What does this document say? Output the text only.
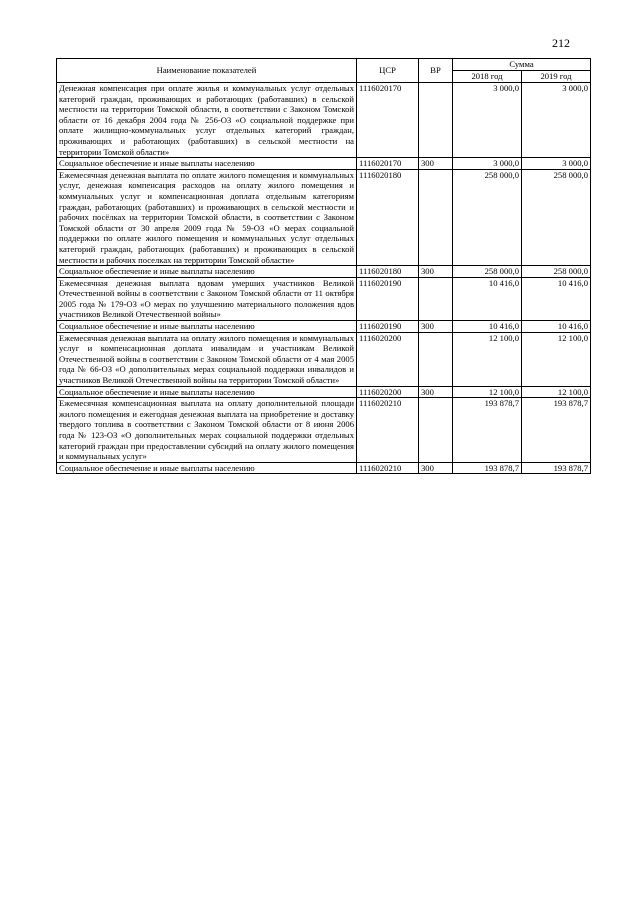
212
Наименование показателей	ЦСР	ВР	Сумма	
			2018 год	2019 год
Денежная компенсация при оплате жилья и коммунальных услуг отдельных категорий граждан, проживающих и работающих (работавших) в сельской местности на территории Томской области, в соответствии с Законом Томской области от 16 декабря 2004 года № 256-ОЗ «О социальной поддержке при оплате жилищно-коммунальных услуг отдельных категорий граждан, проживающих и работающих (работавших) в сельской местности на территории Томской области»	1116020170		3 000,0	3 000,0
Социальное обеспечение и иные выплаты населению	1116020170	300	3 000,0	3 000,0
Ежемесячная денежная выплата по оплате жилого помещения и коммунальных услуг, денежная компенсация расходов на оплату жилого помещения и коммунальных услуг и компенсационная доплата отдельным категориям граждан, работающих (работавших) и проживающих в сельской местности и рабочих посёлках на территории Томской области, в соответствии с Законом Томской области от 30 апреля 2009 года № 59-ОЗ «О мерах социальной поддержки по оплате жилого помещения и коммунальных услуг отдельных категорий граждан, работающих (работавших) и проживающих в сельской местности и рабочих поселках на территории Томской области»	1116020180		258 000,0	258 000,0
Социальное обеспечение и иные выплаты населению	1116020180	300	258 000,0	258 000,0
Ежемесячная денежная выплата вдовам умерших участников Великой Отечественной войны в соответствии с Законом Томской области от 11 октября 2005 года № 179-ОЗ «О мерах по улучшению материального положения вдов участников Великой Отечественной войны»	1116020190		10 416,0	10 416,0
Социальное обеспечение и иные выплаты населению	1116020190	300	10 416,0	10 416,0
Ежемесячная денежная выплата на оплату жилого помещения и коммунальных услуг и компенсационная доплата инвалидам и участникам Великой Отечественной войны в соответствии с Законом Томской области от 4 мая 2005 года № 66-ОЗ «О дополнительных мерах социальной поддержки инвалидов и участников Великой Отечественной войны на территории Томской области»	1116020200		12 100,0	12 100,0
Социальное обеспечение и иные выплаты населению	1116020200	300	12 100,0	12 100,0
Ежемесячная компенсационная выплата на оплату дополнительной площади жилого помещения и ежегодная денежная выплата на приобретение и доставку твердого топлива в соответствии с Законом Томской области от 8 июня 2006 года № 123-ОЗ «О дополнительных мерах социальной поддержки отдельных категорий граждан при предоставлении субсидий на оплату жилого помещения и коммунальных услуг»	1116020210		193 878,7	193 878,7
Социальное обеспечение и иные выплаты населению	1116020210	300	193 878,7	193 878,7
